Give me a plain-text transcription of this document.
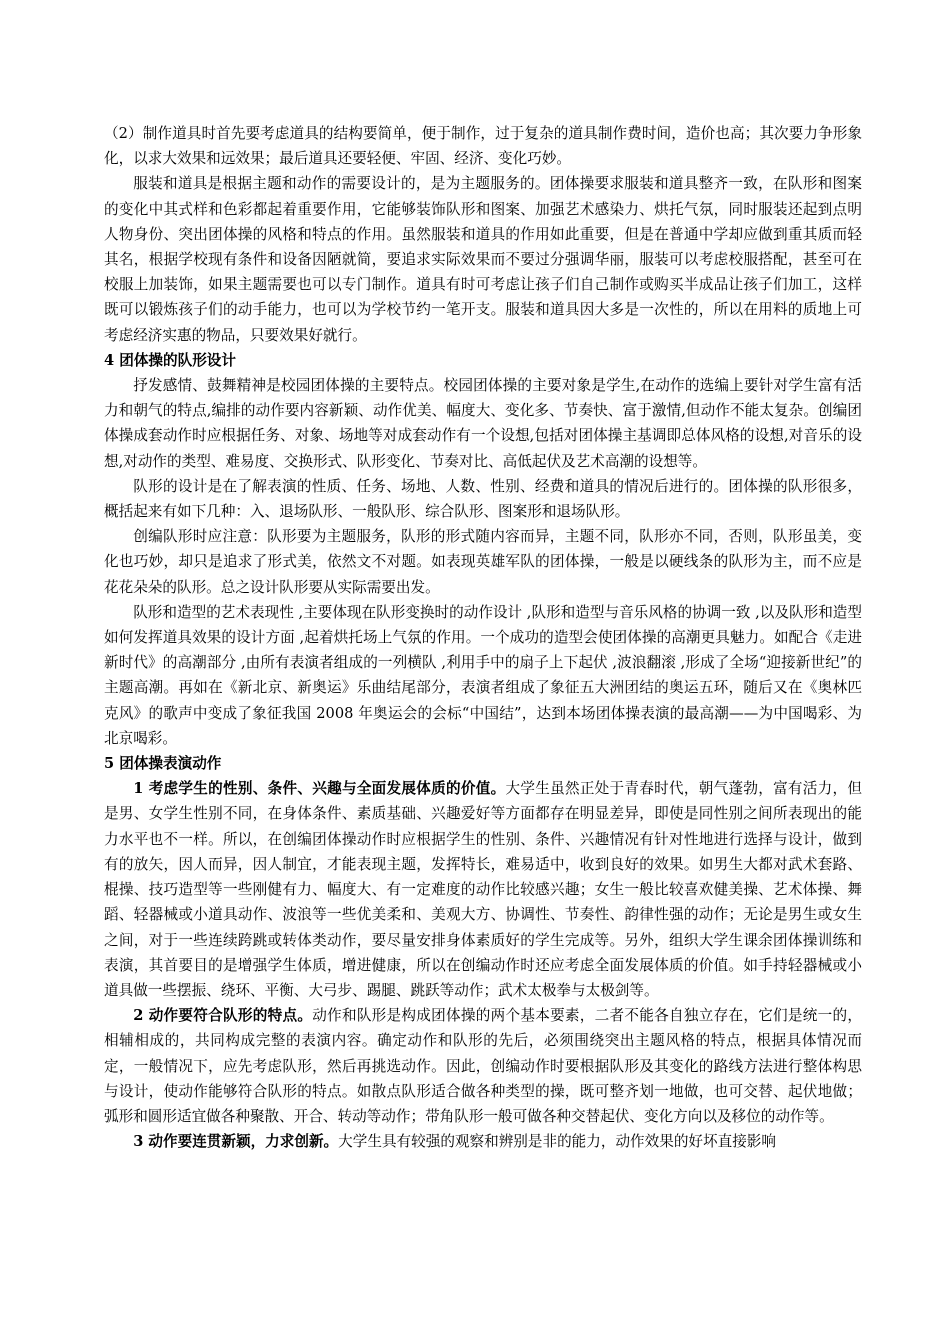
（2）制作道具时首先要考虑道具的结构要简单，便于制作，过于复杂的道具制作费时间，造价也高；其次要力争形象化，以求大效果和远效果；最后道具还要轻便、牢固、经济、变化巧妙。

服装和道具是根据主题和动作的需要设计的，是为主题服务的。团体操要求服装和道具整齐一致，在队形和图案的变化中其式样和色彩都起着重要作用，它能够装饰队形和图案、加强艺术感染力、烘托气氛，同时服装还起到点明人物身份、突出团体操的风格和特点的作用。虽然服装和道具的作用如此重要，但是在普通中学却应做到重其质而轻其名，根据学校现有条件和设备因陋就简，要追求实际效果而不要过分强调华丽，服装可以考虑校服搭配，甚至可在校服上加装饰，如果主题需要也可以专门制作。道具有时可考虑让孩子们自己制作或购买半成品让孩子们加工，这样既可以锻炼孩子们的动手能力，也可以为学校节约一笔开支。服装和道具因大多是一次性的，所以在用料的质地上可考虑经济实惠的物品，只要效果好就行。

4 团体操的队形设计

抒发感情、鼓舞精神是校园团体操的主要特点。校园团体操的主要对象是学生,在动作的选编上要针对学生富有活力和朝气的特点,编排的动作要内容新颖、动作优美、幅度大、变化多、节奏快、富于激情,但动作不能太复杂。创编团体操成套动作时应根据任务、对象、场地等对成套动作有一个设想,包括对团体操主基调即总体风格的设想,对音乐的设想,对动作的类型、难易度、交换形式、队形变化、节奏对比、高低起伏及艺术高潮的设想等。

队形的设计是在了解表演的性质、任务、场地、人数、性别、经费和道具的情况后进行的。团体操的队形很多，概括起来有如下几种：入、退场队形、一般队形、综合队形、图案形和退场队形。

创编队形时应注意：队形要为主题服务，队形的形式随内容而异，主题不同，队形亦不同，否则，队形虽美，变化也巧妙，却只是追求了形式美，依然文不对题。如表现英雄军队的团体操，一般是以硬线条的队形为主，而不应是花花朵朵的队形。总之设计队形要从实际需要出发。

队形和造型的艺术表现性 ,主要体现在队形变换时的动作设计 ,队形和造型与音乐风格的协调一致 ,以及队形和造型如何发挥道具效果的设计方面 ,起着烘托场上气氛的作用。一个成功的造型会使团体操的高潮更具魅力。如配合《走进新时代》的高潮部分 ,由所有表演者组成的一列横队 ,利用手中的扇子上下起伏 ,波浪翻滚 ,形成了全场“迎接新世纪”的主题高潮。再如在《新北京、新奥运》乐曲结尾部分，表演者组成了象征五大洲团结的奥运五环，随后又在《奥林匹克风》的歌声中变成了象征我国 2008 年奥运会的会标“中国结”，达到本场团体操表演的最高潮——为中国喝彩、为北京喝彩。

5 团体操表演动作

1 考虑学生的性别、条件、兴趣与全面发展体质的价值。大学生虽然正处于青春时代，朝气蓬勃，富有活力，但是男、女学生性别不同，在身体条件、素质基础、兴趣爱好等方面都存在明显差异，即使是同性别之间所表现出的能力水平也不一样。所以，在创编团体操动作时应根据学生的性别、条件、兴趣情况有针对性地进行选择与设计，做到有的放矢，因人而异，因人制宜，才能表现主题，发挥特长，难易适中，收到良好的效果。如男生大都对武术套路、棍操、技巧造型等一些刚健有力、幅度大、有一定难度的动作比较感兴趣；女生一般比较喜欢健美操、艺术体操、舞蹈、轻器械或小道具动作、波浪等一些优美柔和、美观大方、协调性、节奏性、韵律性强的动作；无论是男生或女生之间，对于一些连续跨跳或转体类动作，要尽量安排身体素质好的学生完成等。另外，组织大学生课余团体操训练和表演，其首要目的是增强学生体质，增进健康，所以在创编动作时还应考虑全面发展体质的价值。如手持轻器械或小道具做一些摆振、绕环、平衡、大弓步、踢腿、跳跃等动作；武术太极拳与太极剑等。

2 动作要符合队形的特点。动作和队形是构成团体操的两个基本要素，二者不能各自独立存在，它们是统一的，相辅相成的，共同构成完整的表演内容。确定动作和队形的先后，必须围绕突出主题风格的特点，根据具体情况而定，一般情况下，应先考虑队形，然后再挑选动作。因此，创编动作时要根据队形及其变化的路线方法进行整体构思与设计，使动作能够符合队形的特点。如散点队形适合做各种类型的操，既可整齐划一地做，也可交替、起伏地做；弧形和圆形适宜做各种聚散、开合、转动等动作；带角队形一般可做各种交替起伏、变化方向以及移位的动作等。

3 动作要连贯新颖，力求创新。大学生具有较强的观察和辨别是非的能力，动作效果的好坏直接影响
